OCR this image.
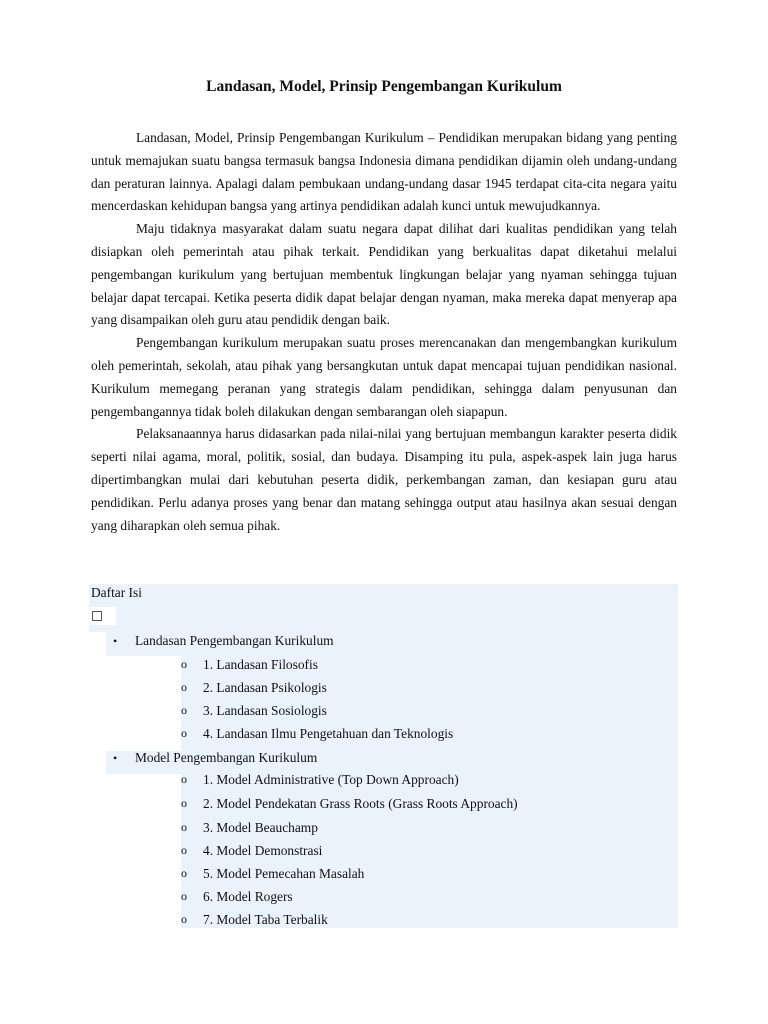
Landasan, Model, Prinsip Pengembangan Kurikulum

Landasan, Model, Prinsip Pengembangan Kurikulum – Pendidikan merupakan bidang yang penting untuk memajukan suatu bangsa termasuk bangsa Indonesia dimana pendidikan dijamin oleh undang-undang dan peraturan lainnya. Apalagi dalam pembukaan undang-undang dasar 1945 terdapat cita-cita negara yaitu mencerdaskan kehidupan bangsa yang artinya pendidikan adalah kunci untuk mewujudkannya.

Maju tidaknya masyarakat dalam suatu negara dapat dilihat dari kualitas pendidikan yang telah disiapkan oleh pemerintah atau pihak terkait. Pendidikan yang berkualitas dapat diketahui melalui pengembangan kurikulum yang bertujuan membentuk lingkungan belajar yang nyaman sehingga tujuan belajar dapat tercapai. Ketika peserta didik dapat belajar dengan nyaman, maka mereka dapat menyerap apa yang disampaikan oleh guru atau pendidik dengan baik.

Pengembangan kurikulum merupakan suatu proses merencanakan dan mengembangkan kurikulum oleh pemerintah, sekolah, atau pihak yang bersangkutan untuk dapat mencapai tujuan pendidikan nasional. Kurikulum memegang peranan yang strategis dalam pendidikan, sehingga dalam penyusunan dan pengembangannya tidak boleh dilakukan dengan sembarangan oleh siapapun.

Pelaksanaannya harus didasarkan pada nilai-nilai yang bertujuan membangun karakter peserta didik seperti nilai agama, moral, politik, sosial, dan budaya. Disamping itu pula, aspek-aspek lain juga harus dipertimbangkan mulai dari kebutuhan peserta didik, perkembangan zaman, dan kesiapan guru atau pendidikan. Perlu adanya proses yang benar dan matang sehingga output atau hasilnya akan sesuai dengan yang diharapkan oleh semua pihak.

Daftar Isi
• Landasan Pengembangan Kurikulum
o 1. Landasan Filosofis
o 2. Landasan Psikologis
o 3. Landasan Sosiologis
o 4. Landasan Ilmu Pengetahuan dan Teknologis
• Model Pengembangan Kurikulum
o 1. Model Administrative (Top Down Approach)
o 2. Model Pendekatan Grass Roots (Grass Roots Approach)
o 3. Model Beauchamp
o 4. Model Demonstrasi
o 5. Model Pemecahan Masalah
o 6. Model Rogers
o 7. Model Taba Terbalik
